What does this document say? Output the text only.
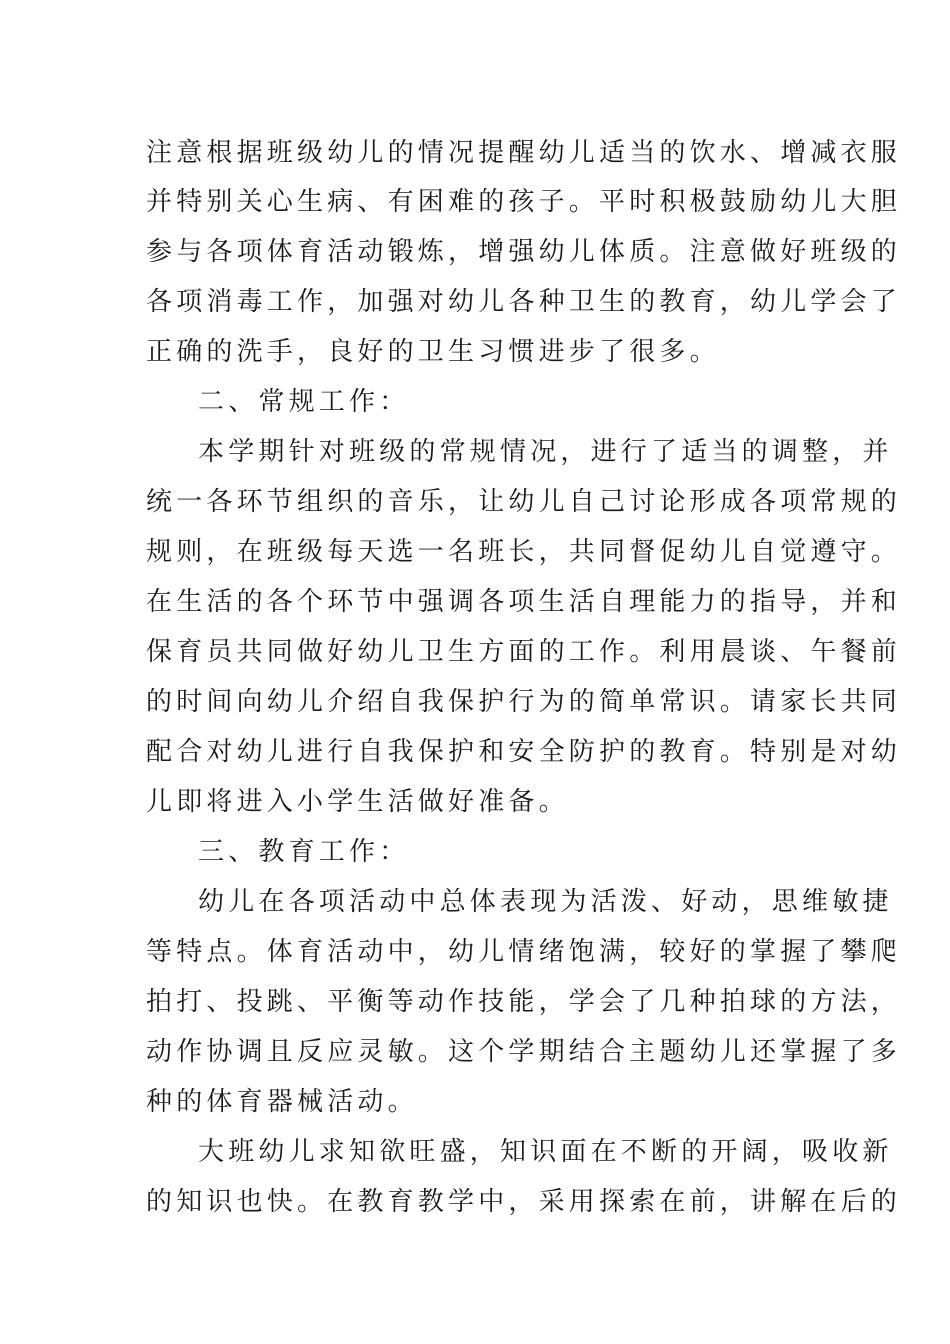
注意根据班级幼儿的情况提醒幼儿适当的饮水、增减衣服
并特别关心生病、有困难的孩子。平时积极鼓励幼儿大胆
参与各项体育活动锻炼，增强幼儿体质。注意做好班级的
各项消毒工作，加强对幼儿各种卫生的教育，幼儿学会了
正确的洗手，良好的卫生习惯进步了很多。
二、常规工作：
本学期针对班级的常规情况，进行了适当的调整，并
统一各环节组织的音乐，让幼儿自己讨论形成各项常规的
规则，在班级每天选一名班长，共同督促幼儿自觉遵守。
在生活的各个环节中强调各项生活自理能力的指导，并和
保育员共同做好幼儿卫生方面的工作。利用晨谈、午餐前
的时间向幼儿介绍自我保护行为的简单常识。请家长共同
配合对幼儿进行自我保护和安全防护的教育。特别是对幼
儿即将进入小学生活做好准备。
三、教育工作：
幼儿在各项活动中总体表现为活泼、好动，思维敏捷
等特点。体育活动中，幼儿情绪饱满，较好的掌握了攀爬
拍打、投跳、平衡等动作技能，学会了几种拍球的方法，
动作协调且反应灵敏。这个学期结合主题幼儿还掌握了多
种的体育器械活动。
大班幼儿求知欲旺盛，知识面在不断的开阔，吸收新
的知识也快。在教育教学中，采用探索在前，讲解在后的
